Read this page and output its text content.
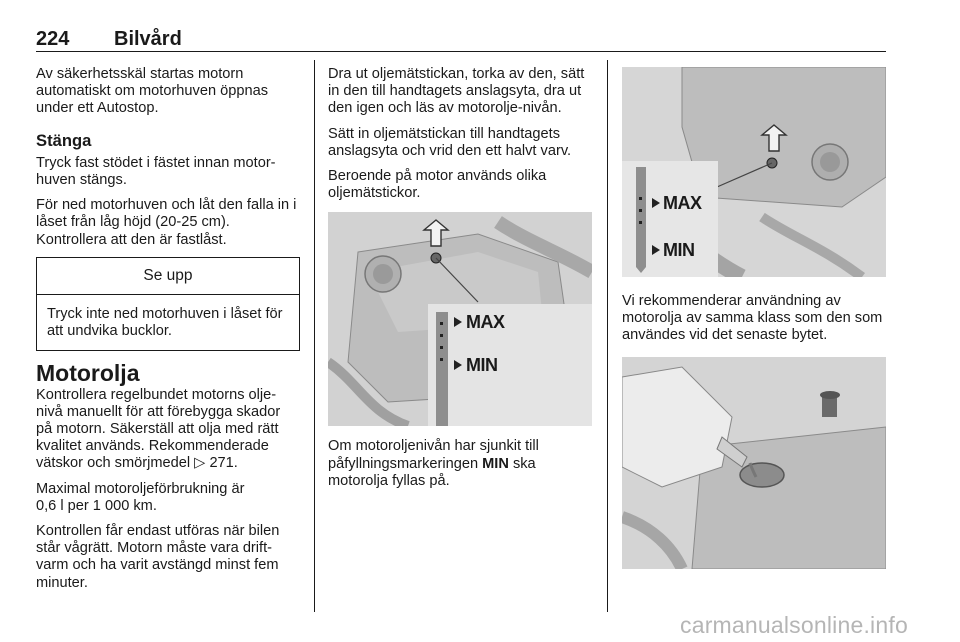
224 Bilvård

Av säkerhetsskäl startas motorn automatiskt om motorhuven öppnas under ett Autostop.

Stänga

Tryck fast stödet i fästet innan motor-huven stängs.

För ned motorhuven och låt den falla in i låset från låg höjd (20-25 cm). Kontrollera att den är fastlåst.

Se upp
Tryck inte ned motorhuven i låset för att undvika bucklor.
Motorolja

Kontrollera regelbundet motorns olje-nivå manuellt för att förebygga skador på motorn. Säkerställ att olja med rätt kvalitet används. Rekommenderade vätskor och smörjmedel ▷ 271.

Maximal motoroljeförbrukning är
0,6 l per 1 000 km.

Kontrollen får endast utföras när bilen står vågrätt. Motorn måste vara drift-varm och ha varit avstängd minst fem minuter.

Dra ut oljemätstickan, torka av den, sätt in den till handtagets anslagsyta, dra ut den igen och läs av motorolje-nivån.

Sätt in oljemätstickan till handtagets anslagsyta och vrid den ett halvt varv.

Beroende på motor används olika oljemätstickor.

MAX
MIN

Om motoroljenivån har sjunkit till påfyllningsmarkeringen MIN ska motorolja fyllas på.

MAX
MIN

Vi rekommenderar användning av motorolja av samma klass som den som användes vid det senaste bytet.

carmanualsonline.info
